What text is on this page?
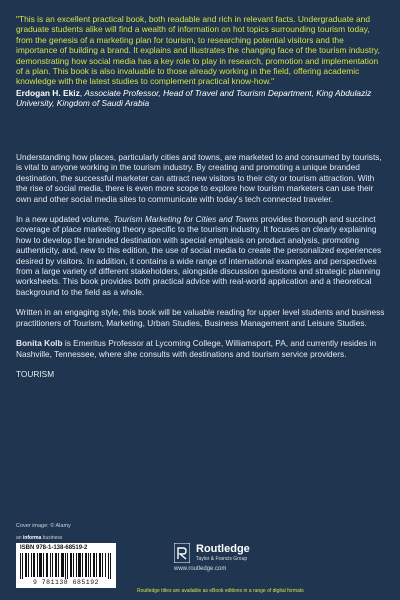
"This is an excellent practical book, both readable and rich in relevant facts. Undergraduate and graduate students alike will find a wealth of information on hot topics surrounding tourism today, from the genesis of a marketing plan for tourism, to researching potential visitors and the importance of building a brand. It explains and illustrates the changing face of the tourism industry, demonstrating how social media has a key role to play in research, promotion and implementation of a plan. This book is also invaluable to those already working in the field, offering academic knowledge with the latest studies to complement practical know-how."

Erdogan H. Ekiz, Associate Professor, Head of Travel and Tourism Department, King Abdulaziz University, Kingdom of Saudi Arabia

Understanding how places, particularly cities and towns, are marketed to and consumed by tourists, is vital to anyone working in the tourism industry. By creating and promoting a unique branded destination, the successful marketer can attract new visitors to their city or tourism attraction. With the rise of social media, there is even more scope to explore how tourism marketers can use their own and other social media sites to communicate with today's tech connected traveler.

In a new updated volume, Tourism Marketing for Cities and Towns provides thorough and succinct coverage of place marketing theory specific to the tourism industry. It focuses on clearly explaining how to develop the branded destination with special emphasis on product analysis, promoting authenticity, and, new to this edition, the use of social media to create the personalized experiences desired by visitors. In addition, it contains a wide range of international examples and perspectives from a large variety of different stakeholders, alongside discussion questions and strategic planning worksheets. This book provides both practical advice with real-world application and a theoretical background to the field as a whole.

Written in an engaging style, this book will be valuable reading for upper level students and business practitioners of Tourism, Marketing, Urban Studies, Business Management and Leisure Studies.

Bonita Kolb is Emeritus Professor at Lycoming College, Williamsport, PA, and currently resides in Nashville, Tennessee, where she consults with destinations and tourism service providers.

TOURISM

Cover image: © Alamy
an informa business
ISBN 978-1-138-68519-2
9 781138 685192
Routledge
Taylor & Francis Group
www.routledge.com
Routledge titles are available as eBook editions in a range of digital formats
